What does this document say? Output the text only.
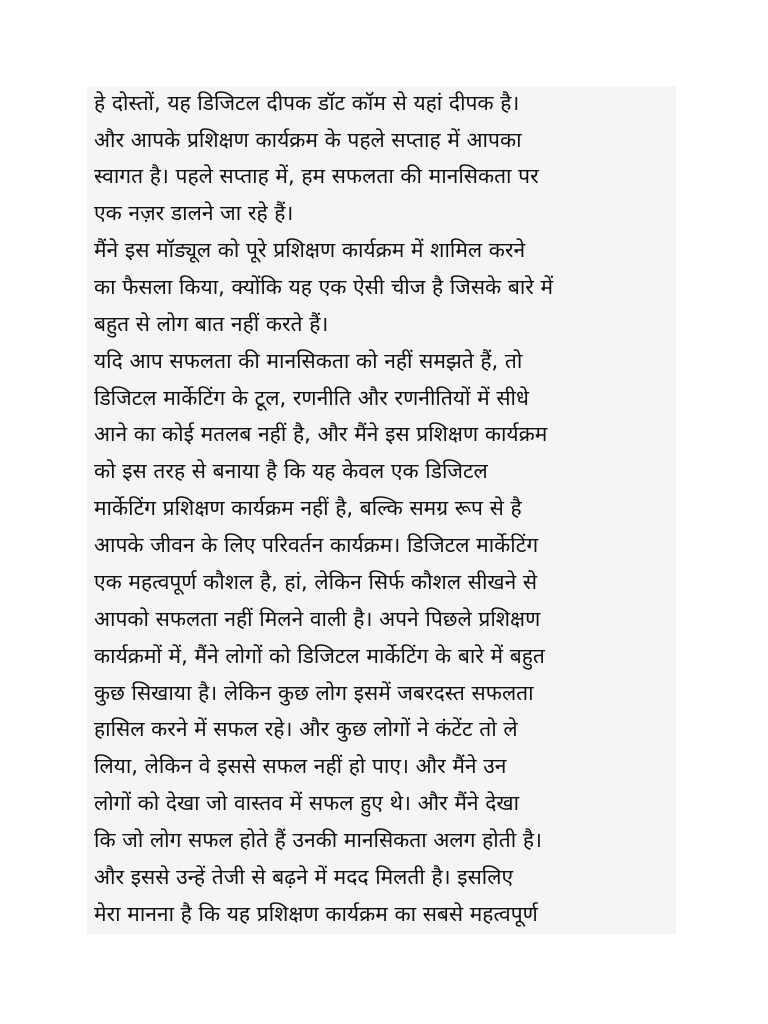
हे दोस्तों, यह डिजिटल दीपक डॉट कॉम से यहां दीपक है।
और आपके प्रशिक्षण कार्यक्रम के पहले सप्ताह में आपका
स्वागत है। पहले सप्ताह में, हम सफलता की मानसिकता पर
एक नज़र डालने जा रहे हैं।
मैंने इस मॉड्यूल को पूरे प्रशिक्षण कार्यक्रम में शामिल करने
का फैसला किया, क्योंकि यह एक ऐसी चीज है जिसके बारे में
बहुत से लोग बात नहीं करते हैं।
यदि आप सफलता की मानसिकता को नहीं समझते हैं, तो
डिजिटल मार्केटिंग के टूल, रणनीति और रणनीतियों में सीधे
आने का कोई मतलब नहीं है, और मैंने इस प्रशिक्षण कार्यक्रम
को इस तरह से बनाया है कि यह केवल एक डिजिटल
मार्केटिंग प्रशिक्षण कार्यक्रम नहीं है, बल्कि समग्र रूप से है
आपके जीवन के लिए परिवर्तन कार्यक्रम। डिजिटल मार्केटिंग
एक महत्वपूर्ण कौशल है, हां, लेकिन सिर्फ कौशल सीखने से
आपको सफलता नहीं मिलने वाली है। अपने पिछले प्रशिक्षण
कार्यक्रमों में, मैंने लोगों को डिजिटल मार्केटिंग के बारे में बहुत
कुछ सिखाया है। लेकिन कुछ लोग इसमें जबरदस्त सफलता
हासिल करने में सफल रहे। और कुछ लोगों ने कंटेंट तो ले
लिया, लेकिन वे इससे सफल नहीं हो पाए। और मैंने उन
लोगों को देखा जो वास्तव में सफल हुए थे। और मैंने देखा
कि जो लोग सफल होते हैं उनकी मानसिकता अलग होती है।
और इससे उन्हें तेजी से बढ़ने में मदद मिलती है। इसलिए
मेरा मानना है कि यह प्रशिक्षण कार्यक्रम का सबसे महत्वपूर्ण
